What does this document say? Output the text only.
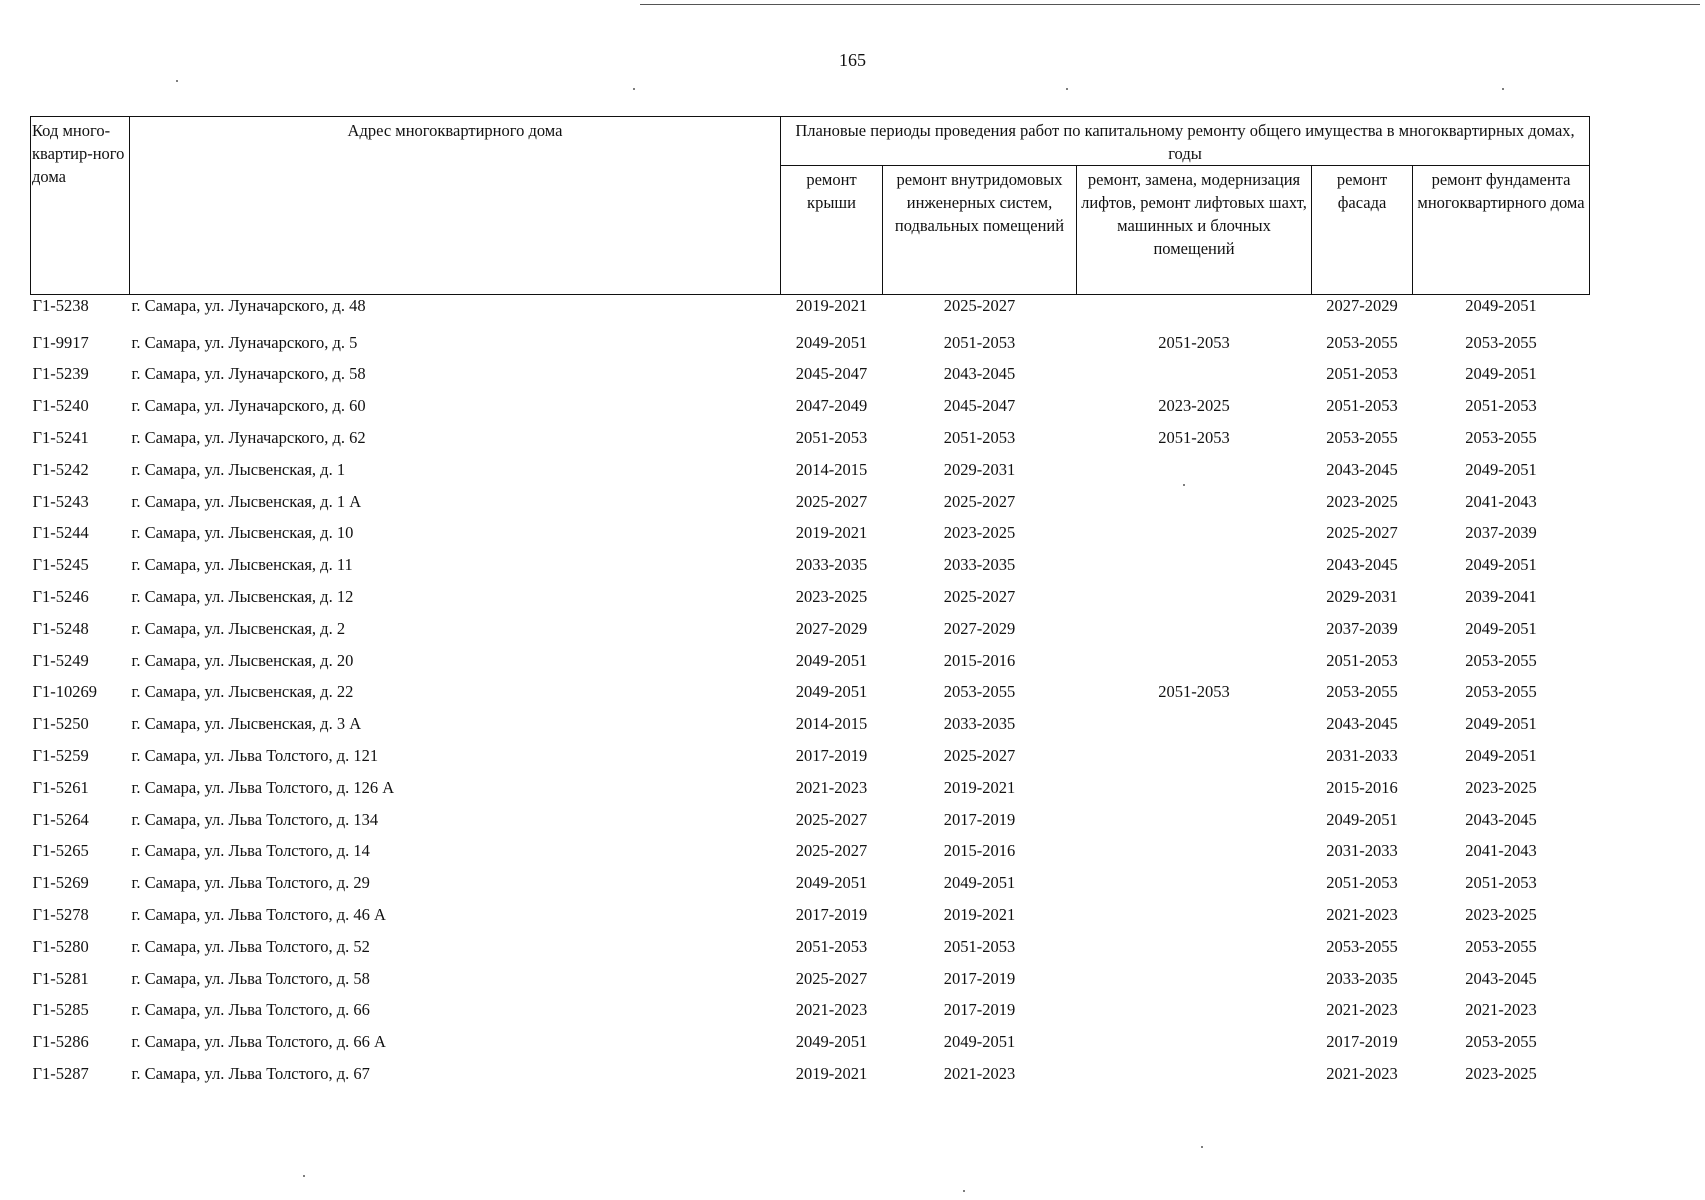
165
Код много-квартир-ного дома	Адрес многоквартирного дома	Плановые периоды проведения работ по капитальному ремонту общего имущества в многоквартирных домах, годы				
		ремонт крыши	ремонт внутридомовых инженерных систем, подвальных помещений	ремонт, замена, модернизация лифтов, ремонт лифтовых шахт, машинных и блочных помещений	ремонт фасада	ремонт фундамента многоквартирного дома
Г1-5238	г. Самара, ул. Луначарского, д. 48	2019-2021	2025-2027		2027-2029	2049-2051
Г1-9917	г. Самара, ул. Луначарского, д. 5	2049-2051	2051-2053	2051-2053	2053-2055	2053-2055
Г1-5239	г. Самара, ул. Луначарского, д. 58	2045-2047	2043-2045		2051-2053	2049-2051
Г1-5240	г. Самара, ул. Луначарского, д. 60	2047-2049	2045-2047	2023-2025	2051-2053	2051-2053
Г1-5241	г. Самара, ул. Луначарского, д. 62	2051-2053	2051-2053	2051-2053	2053-2055	2053-2055
Г1-5242	г. Самара, ул. Лысвенская, д. 1	2014-2015	2029-2031		2043-2045	2049-2051
Г1-5243	г. Самара, ул. Лысвенская, д. 1 А	2025-2027	2025-2027		2023-2025	2041-2043
Г1-5244	г. Самара, ул. Лысвенская, д. 10	2019-2021	2023-2025		2025-2027	2037-2039
Г1-5245	г. Самара, ул. Лысвенская, д. 11	2033-2035	2033-2035		2043-2045	2049-2051
Г1-5246	г. Самара, ул. Лысвенская, д. 12	2023-2025	2025-2027		2029-2031	2039-2041
Г1-5248	г. Самара, ул. Лысвенская, д. 2	2027-2029	2027-2029		2037-2039	2049-2051
Г1-5249	г. Самара, ул. Лысвенская, д. 20	2049-2051	2015-2016		2051-2053	2053-2055
Г1-10269	г. Самара, ул. Лысвенская, д. 22	2049-2051	2053-2055	2051-2053	2053-2055	2053-2055
Г1-5250	г. Самара, ул. Лысвенская, д. 3 А	2014-2015	2033-2035		2043-2045	2049-2051
Г1-5259	г. Самара, ул. Льва Толстого, д. 121	2017-2019	2025-2027		2031-2033	2049-2051
Г1-5261	г. Самара, ул. Льва Толстого, д. 126 А	2021-2023	2019-2021		2015-2016	2023-2025
Г1-5264	г. Самара, ул. Льва Толстого, д. 134	2025-2027	2017-2019		2049-2051	2043-2045
Г1-5265	г. Самара, ул. Льва Толстого, д. 14	2025-2027	2015-2016		2031-2033	2041-2043
Г1-5269	г. Самара, ул. Льва Толстого, д. 29	2049-2051	2049-2051		2051-2053	2051-2053
Г1-5278	г. Самара, ул. Льва Толстого, д. 46 А	2017-2019	2019-2021		2021-2023	2023-2025
Г1-5280	г. Самара, ул. Льва Толстого, д. 52	2051-2053	2051-2053		2053-2055	2053-2055
Г1-5281	г. Самара, ул. Льва Толстого, д. 58	2025-2027	2017-2019		2033-2035	2043-2045
Г1-5285	г. Самара, ул. Льва Толстого, д. 66	2021-2023	2017-2019		2021-2023	2021-2023
Г1-5286	г. Самара, ул. Льва Толстого, д. 66 А	2049-2051	2049-2051		2017-2019	2053-2055
Г1-5287	г. Самара, ул. Льва Толстого, д. 67	2019-2021	2021-2023		2021-2023	2023-2025
